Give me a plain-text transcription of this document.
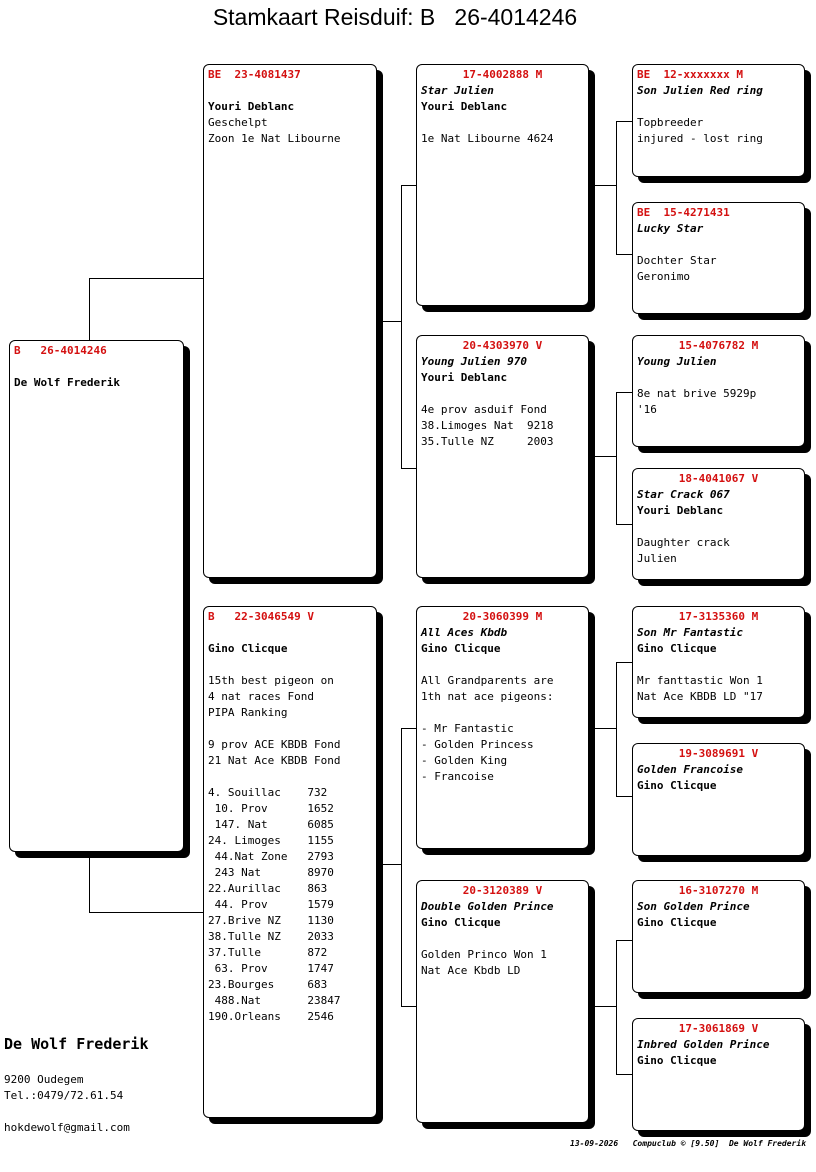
Stamkaart Reisduif: B   26-4014246
B   26-4014246
De Wolf Frederik
BE  23-4081437
Youri Deblanc
Geschelpt
Zoon 1e Nat Libourne
B   22-3046549 V
Gino Clicque
15th best pigeon on
4 nat races Fond
PIPA Ranking
9 prov ACE KBDB Fond
21 Nat Ace KBDB Fond
4. Souillac    732
10. Prov      1652
147. Nat      6085
24. Limoges    1155
44.Nat Zone   2793
243 Nat       8970
22.Aurillac    863
44. Prov      1579
27.Brive NZ    1130
38.Tulle NZ    2033
37.Tulle       872
63. Prov      1747
23.Bourges     683
488.Nat       23847
190.Orleans    2546
17-4002888 M
Star Julien
Youri Deblanc
1e Nat Libourne 4624
20-4303970 V
Young Julien 970
Youri Deblanc
4e prov asduif Fond
38.Limoges Nat  9218
35.Tulle NZ     2003
20-3060399 M
All Aces Kbdb
Gino Clicque
All Grandparents are
1th nat ace pigeons:
- Mr Fantastic
- Golden Princess
- Golden King
- Francoise
20-3120389 V
Double Golden Prince
Gino Clicque
Golden Princo Won 1
Nat Ace Kbdb LD
BE  12-xxxxxxx M
Son Julien Red ring
Topbreeder
injured - lost ring
BE  15-4271431
Lucky Star
Dochter Star
Geronimo
15-4076782 M
Young Julien
8e nat brive 5929p
'16
18-4041067 V
Star Crack 067
Youri Deblanc
Daughter crack
Julien
17-3135360 M
Son Mr Fantastic
Gino Clicque
Mr fanttastic Won 1
Nat Ace KBDB LD "17
19-3089691 V
Golden Francoise
Gino Clicque
16-3107270 M
Son Golden Prince
Gino Clicque
17-3061869 V
Inbred Golden Prince
Gino Clicque
De Wolf Frederik
9200 Oudegem
Tel.:0479/72.61.54
hokdewolf@gmail.com
13-09-2026   Compuclub © [9.50]  De Wolf Frederik
